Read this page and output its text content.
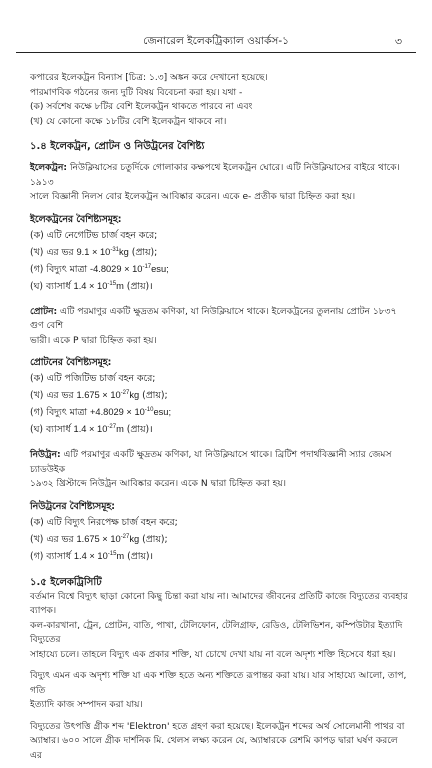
জেনারেল ইলেকট্রিক্যাল ওয়ার্কস-১	৩

কপারের ইলেকট্রন বিন্যাস [চিত্র: ১.৩] অঙ্কন করে দেখানো হয়েছে।

পারমাণবিক গঠনের জন্য দুটি বিষয় বিবেচনা করা হয়। যথা -

(ক) সর্বশেষ কক্ষে ৮টির বেশি ইলেকট্রন থাকতে পারবে না এবং

(খ) যে কোনো কক্ষে ১৮টির বেশি ইলেকট্রন থাকবে না।

১.৪ ইলেকট্রন, প্রোটন ও নিউট্রনের বৈশিষ্ট্য

ইলেকট্রন: নিউক্লিয়াসের চতুর্দিকে গোলাকার কক্ষপথে ইলেকট্রন ঘোরে। এটি নিউক্লিয়াসের বাইরে থাকে। ১৯১৩

সালে বিজ্ঞানী নিলস বোর ইলেকট্রন আবিষ্কার করেন। একে e- প্রতীক দ্বারা চিহ্নিত করা হয়।

ইলেকট্রনের বৈশিষ্ট্যসমূহ:

(ক) এটি নেগেটিভ চার্জ বহন করে;

(খ) এর ভর $9.1 \times 10^{-31}kg$ (প্রায়);

(গ) বিদ্যুৎ মাত্রা $-4.8029 \times 10^{-17}esu$;

(ঘ) ব্যাসার্ধ $1.4 \times 10^{-15}m$ (প্রায়)।

প্রোটন: এটি পরমাণুর একটি ক্ষুদ্রতম কণিকা, যা নিউক্লিয়াসে থাকে। ইলেকট্রনের তুলনায় প্রোটন ১৮৩৭ গুণ বেশি

ভারী। একে P দ্বারা চিহ্নিত করা হয়।

প্রোটনের বৈশিষ্ট্যসমূহ:

(ক) এটি পজিটিভ চার্জ বহন করে;

(খ) এর ভর $1.675 \times 10^{-27}kg$ (প্রায়);

(গ) বিদ্যুৎ মাত্রা $+4.8029 \times 10^{-10}esu$;

(ঘ) ব্যাসার্ধ $1.4 \times 10^{-27}m$ (প্রায়)।

নিউট্রন: এটি পরমাণুর একটি ক্ষুদ্রতম কণিকা, যা নিউক্লিয়াসে থাকে। ব্রিটিশ পদার্থবিজ্ঞানী স্যার জেমস চ্যাডউইক

১৯৩২ খ্রিস্টাব্দে নিউট্রন আবিষ্কার করেন। একে N দ্বারা চিহ্নিত করা হয়।

নিউট্রনের বৈশিষ্ট্যসমূহ:

(ক) এটি বিদ্যুৎ নিরপেক্ষ চার্জ বহন করে;

(খ) এর ভর $1.675 \times 10^{-27}kg$ (প্রায়);

(গ) ব্যাসার্ধ $1.4 \times 10^{-15}m$ (প্রায়)।

১.৫ ইলেকট্রিসিটি

বর্তমান বিশ্বে বিদ্যুৎ ছাড়া কোনো কিছু চিন্তা করা যায় না। আমাদের জীবনের প্রতিটি কাজে বিদ্যুতের ব্যবহার ব্যাপক।

কল-কারখানা, ট্রেন, প্রোটন, বাতি, পাখা, টেলিফোন, টেলিগ্রাফ, রেডিও, টেলিভিশন, কম্পিউটার ইত্যাদি বিদ্যুতের

সাহায্যে চলে। তাহলে বিদ্যুৎ এক প্রকার শক্তি, যা চোখে দেখা যায় না বলে অদৃশ্য শক্তি হিসেবে ধরা হয়।

বিদ্যুৎ এমন এক অদৃশ্য শক্তি যা এক শক্তি হতে অন্য শক্তিতে রূপান্তর করা যায়। যার সাহায্যে আলো, তাপ, গতি

ইত্যাদি কাজ সম্পাদন করা যায়।

বিদ্যুতের উৎপত্তি গ্রীক শব্দ 'Elektron' হতে গ্রহণ করা হয়েছে। ইলেকট্রন শব্দের অর্থ সোলেমানী পাথর বা

অ্যাম্বার। ৬০০ সালে গ্রীক দার্শনিক মি. থেলস লক্ষ্য করেন যে, অ্যাম্বারকে রেশমি কাপড় দ্বারা ঘর্ষণ করলে এর
